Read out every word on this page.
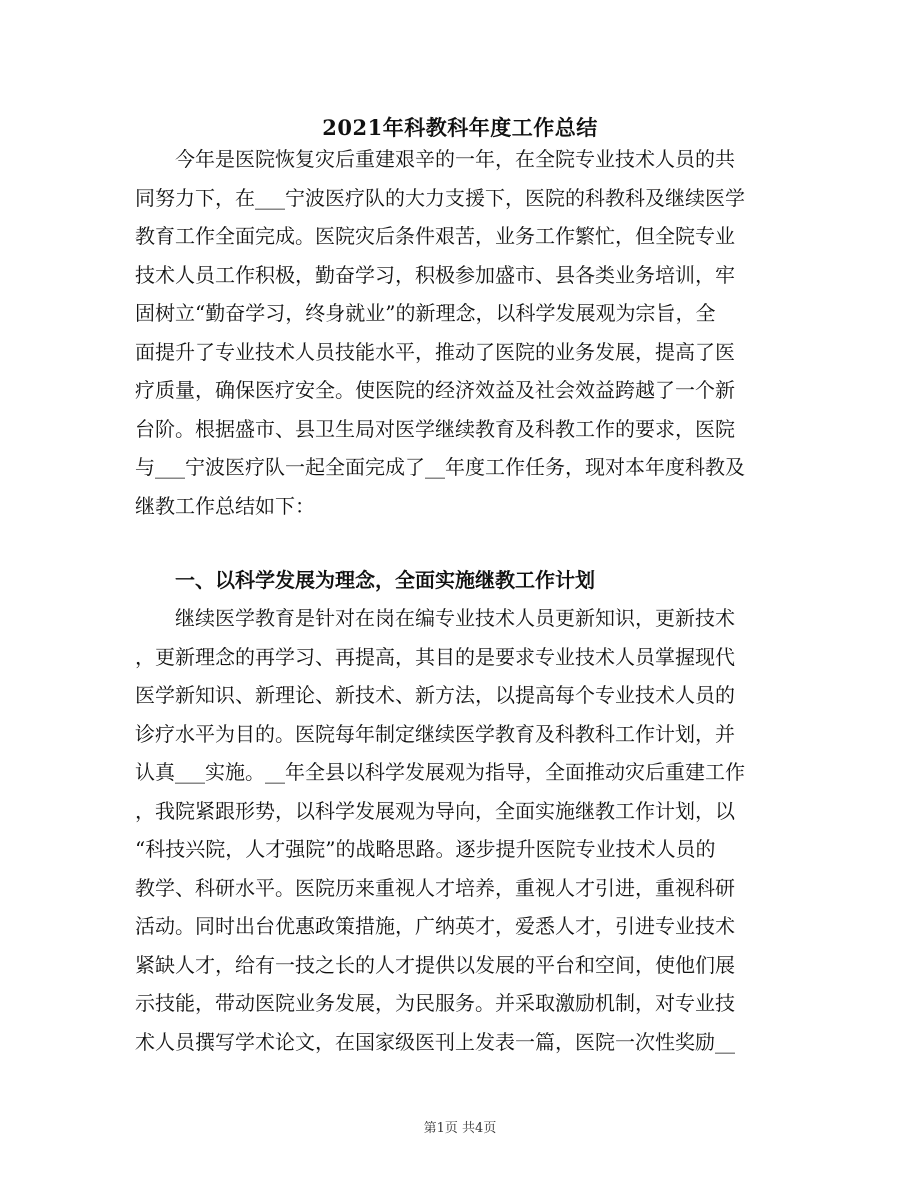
2021年科教科年度工作总结
　　今年是医院恢复灾后重建艰辛的一年，在全院专业技术人员的共
同努力下，在___宁波医疗队的大力支援下，医院的科教科及继续医学
教育工作全面完成。医院灾后条件艰苦，业务工作繁忙，但全院专业
技术人员工作积极，勤奋学习，积极参加盛市、县各类业务培训，牢
固树立“勤奋学习，终身就业”的新理念，以科学发展观为宗旨，全
面提升了专业技术人员技能水平，推动了医院的业务发展，提高了医
疗质量，确保医疗安全。使医院的经济效益及社会效益跨越了一个新
台阶。根据盛市、县卫生局对医学继续教育及科教工作的要求，医院
与___宁波医疗队一起全面完成了__年度工作任务，现对本年度科教及
继教工作总结如下：
　　一、以科学发展为理念，全面实施继教工作计划
　　继续医学教育是针对在岗在编专业技术人员更新知识，更新技术
，更新理念的再学习、再提高，其目的是要求专业技术人员掌握现代
医学新知识、新理论、新技术、新方法，以提高每个专业技术人员的
诊疗水平为目的。医院每年制定继续医学教育及科教科工作计划，并
认真___实施。__年全县以科学发展观为指导，全面推动灾后重建工作
，我院紧跟形势，以科学发展观为导向，全面实施继教工作计划，以
“科技兴院，人才强院”的战略思路。逐步提升医院专业技术人员的
教学、科研水平。医院历来重视人才培养，重视人才引进，重视科研
活动。同时出台优惠政策措施，广纳英才，爱悉人才，引进专业技术
紧缺人才，给有一技之长的人才提供以发展的平台和空间，使他们展
示技能，带动医院业务发展，为民服务。并采取激励机制，对专业技
术人员撰写学术论文，在国家级医刊上发表一篇，医院一次性奖励__
第1页 共4页
